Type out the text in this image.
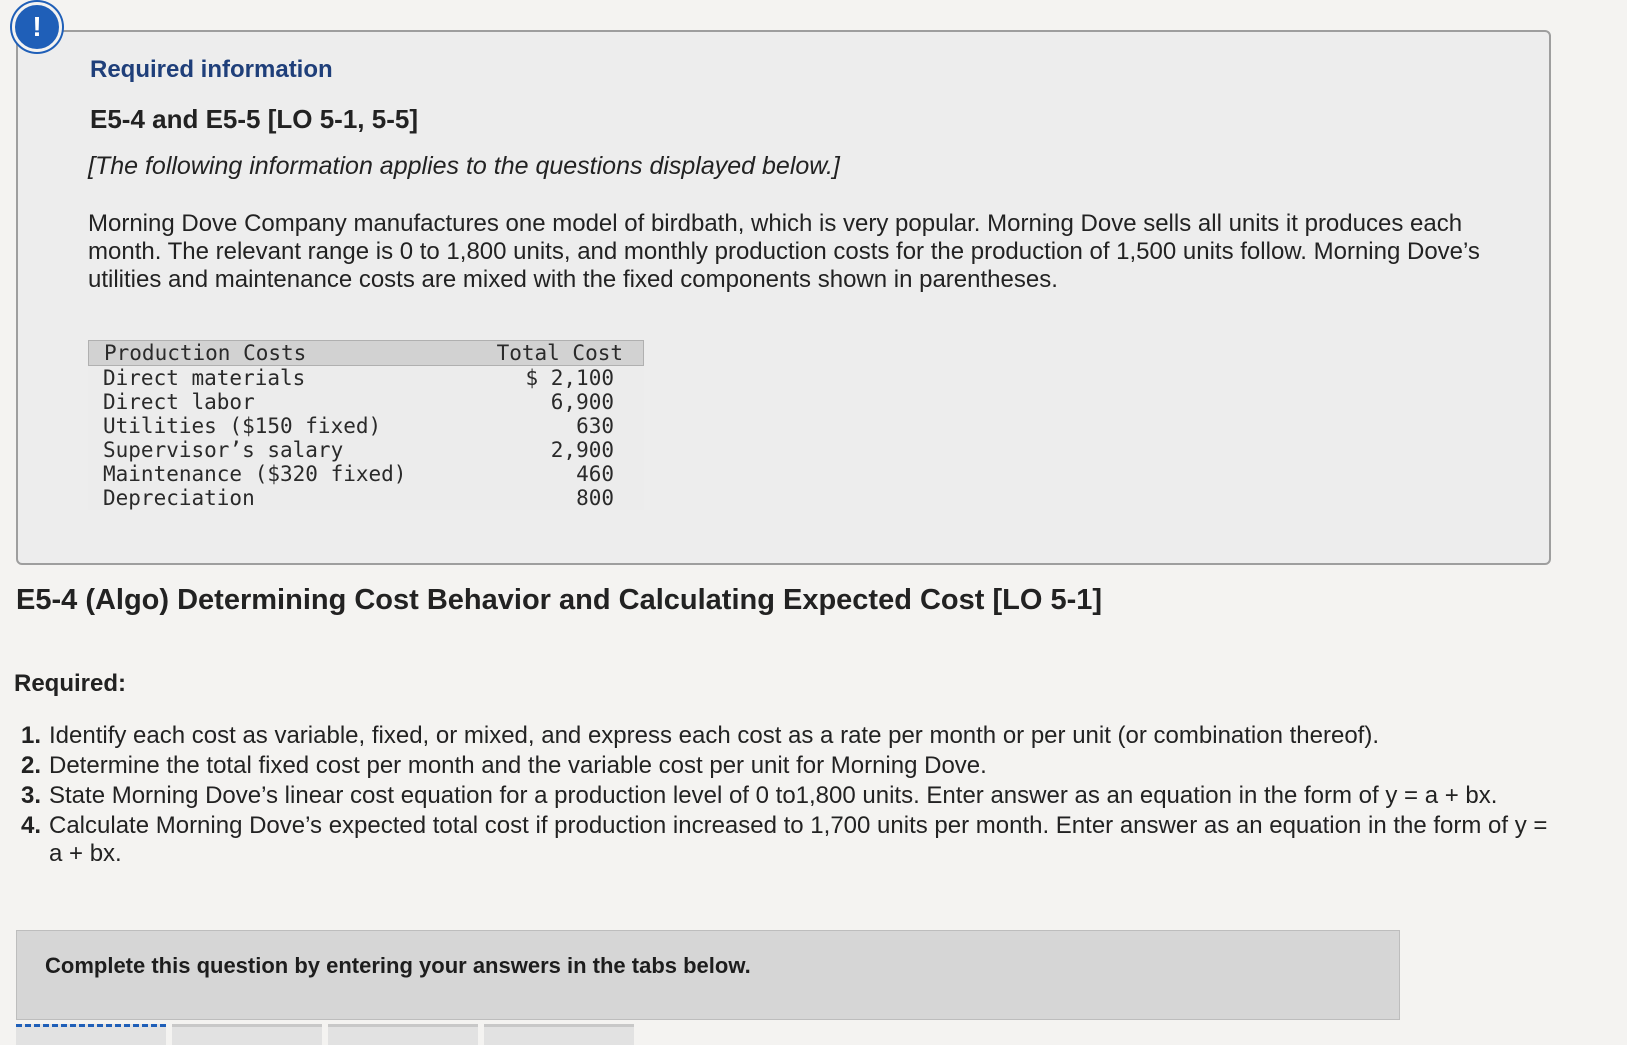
!
Required information
E5-4 and E5-5 [LO 5-1, 5-5]
[The following information applies to the questions displayed below.]
Morning Dove Company manufactures one model of birdbath, which is very popular. Morning Dove sells all units it produces each month. The relevant range is 0 to 1,800 units, and monthly production costs for the production of 1,500 units follow. Morning Dove’s utilities and maintenance costs are mixed with the fixed components shown in parentheses.
Production Costs	Total Cost
Direct materials	$ 2,100
Direct labor	6,900
Utilities ($150 fixed)	630
Supervisor’s salary	2,900
Maintenance ($320 fixed)	460
Depreciation	800
E5-4 (Algo) Determining Cost Behavior and Calculating Expected Cost [LO 5-1]
Required:
1. Identify each cost as variable, fixed, or mixed, and express each cost as a rate per month or per unit (or combination thereof).
2. Determine the total fixed cost per month and the variable cost per unit for Morning Dove.
3. State Morning Dove’s linear cost equation for a production level of 0 to1,800 units. Enter answer as an equation in the form of y = a + bx.
4. Calculate Morning Dove’s expected total cost if production increased to 1,700 units per month. Enter answer as an equation in the form of y = a + bx.
Complete this question by entering your answers in the tabs below.
